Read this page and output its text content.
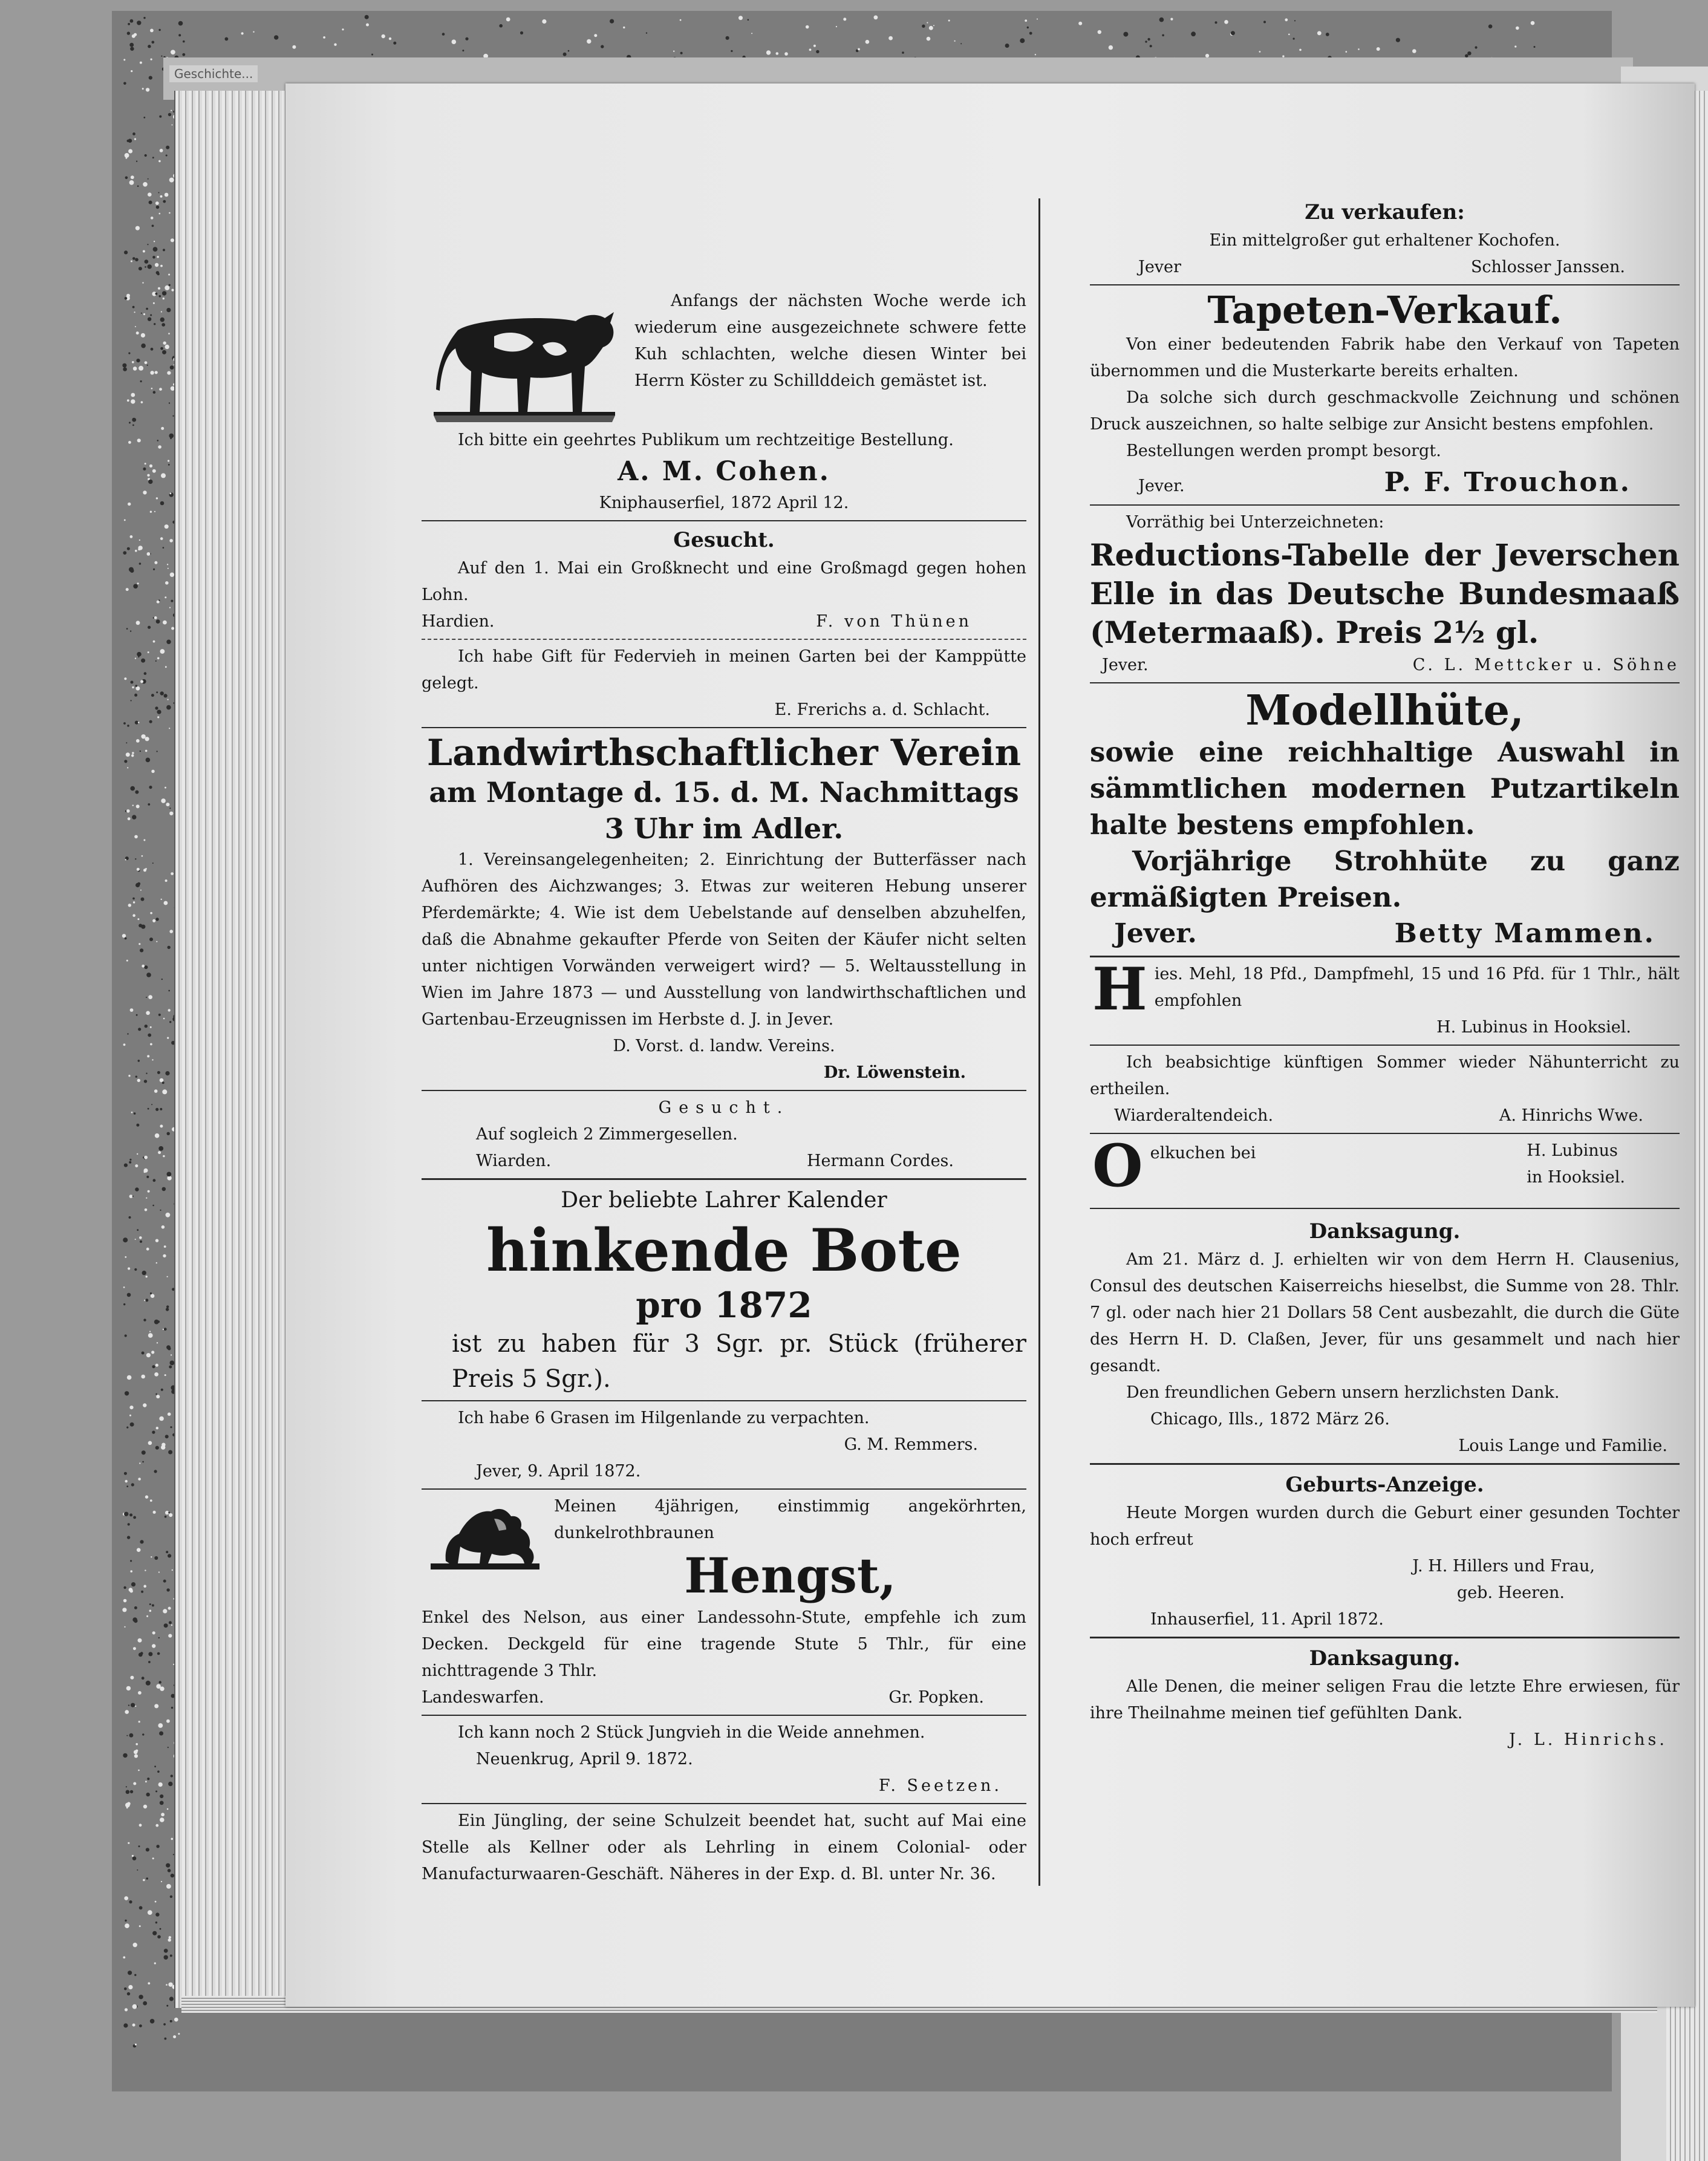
Geschichte...
Anfangs der nächsten Woche werde ich wiederum eine ausgezeichnete schwere fette Kuh schlachten, welche diesen Winter bei Herrn Köster zu Schillddeich gemästet ist.
Ich bitte ein geehrtes Publikum um rechtzeitige Bestellung.
A. M. Cohen.
Kniphauserfiel, 1872 April 12.
Gesucht.
Auf den 1. Mai ein Großknecht und eine Großmagd gegen hohen Lohn.
Hardien.	F. von Thünen
Ich habe Gift für Federvieh in meinen Garten bei der Kamppütte gelegt.
E. Frerichs a. d. Schlacht.
Landwirthschaftlicher Verein
am Montage d. 15. d. M. Nachmittags 3 Uhr im Adler.
1. Vereinsangelegenheiten; 2. Einrichtung der Butterfässer nach Aufhören des Aichzwanges; 3. Etwas zur weiteren Hebung unserer Pferdemärkte; 4. Wie ist dem Uebelstande auf denselben abzuhelfen, daß die Abnahme gekaufter Pferde von Seiten der Käufer nicht selten unter nichtigen Vorwänden verweigert wird? — 5. Weltausstellung in Wien im Jahre 1873 — und Ausstellung von landwirthschaftlichen und Gartenbau-Erzeugnissen im Herbste d. J. in Jever.
D. Vorst. d. landw. Vereins.
Dr. Löwenstein.
Gesucht.
Auf sogleich 2 Zimmergesellen.
Wiarden.	Hermann Cordes.
Der beliebte Lahrer Kalender
hinkende Bote
pro 1872
ist zu haben für 3 Sgr. pr. Stück (früherer Preis 5 Sgr.).
Ich habe 6 Grasen im Hilgenlande zu verpachten.
G. M. Remmers.
Jever, 9. April 1872.
Meinen 4jährigen, einstimmig angekörhrten, dunkelrothbraunen
Hengst,
Enkel des Nelson, aus einer Landessohn-Stute, empfehle ich zum Decken. Deckgeld für eine tragende Stute 5 Thlr., für eine nichttragende 3 Thlr.
Landeswarfen.	Gr. Popken.
Ich kann noch 2 Stück Jungvieh in die Weide annehmen.
Neuenkrug, April 9. 1872.
F. Seetzen.
Ein Jüngling, der seine Schulzeit beendet hat, sucht auf Mai eine Stelle als Kellner oder als Lehrling in einem Colonial- oder Manufacturwaaren-Geschäft. Näheres in der Exp. d. Bl. unter Nr. 36.
Zu verkaufen:
Ein mittelgroßer gut erhaltener Kochofen.
Jever	Schlosser Janssen.
Tapeten-Verkauf.
Von einer bedeutenden Fabrik habe den Verkauf von Tapeten übernommen und die Musterkarte bereits erhalten.
Da solche sich durch geschmackvolle Zeichnung und schönen Druck auszeichnen, so halte selbige zur Ansicht bestens empfohlen.
Bestellungen werden prompt besorgt.
Jever.	P. F. Trouchon.
Vorräthig bei Unterzeichneten:
Reductions-Tabelle der Jeverschen Elle in das Deutsche Bundesmaaß (Metermaaß). Preis 2½ gl.
Jever.	C. L. Mettcker u. Söhne
Modellhüte,
sowie eine reichhaltige Auswahl in sämmtlichen modernen Putzartikeln halte bestens empfohlen.
Vorjährige Strohhüte zu ganz ermäßigten Preisen.
Jever.	Betty Mammen.
H ies. Mehl, 18 Pfd., Dampfmehl, 15 und 16 Pfd. für 1 Thlr., hält empfohlen
H. Lubinus in Hooksiel.
Ich beabsichtige künftigen Sommer wieder Nähunterricht zu ertheilen.
Wiarderaltendeich.	A. Hinrichs Wwe.
O elkuchen bei	H. Lubinus
in Hooksiel.
Danksagung.
Am 21. März d. J. erhielten wir von dem Herrn H. Clausenius, Consul des deutschen Kaiserreichs hieselbst, die Summe von 28. Thlr. 7 gl. oder nach hier 21 Dollars 58 Cent ausbezahlt, die durch die Güte des Herrn H. D. Claßen, Jever, für uns gesammelt und nach hier gesandt.
Den freundlichen Gebern unsern herzlichsten Dank.
Chicago, Ills., 1872 März 26.
Louis Lange und Familie.
Geburts-Anzeige.
Heute Morgen wurden durch die Geburt einer gesunden Tochter hoch erfreut
J. H. Hillers und Frau,
geb. Heeren.
Inhauserfiel, 11. April 1872.
Danksagung.
Alle Denen, die meiner seligen Frau die letzte Ehre erwiesen, für ihre Theilnahme meinen tief gefühlten Dank.
J. L. Hinrichs.
